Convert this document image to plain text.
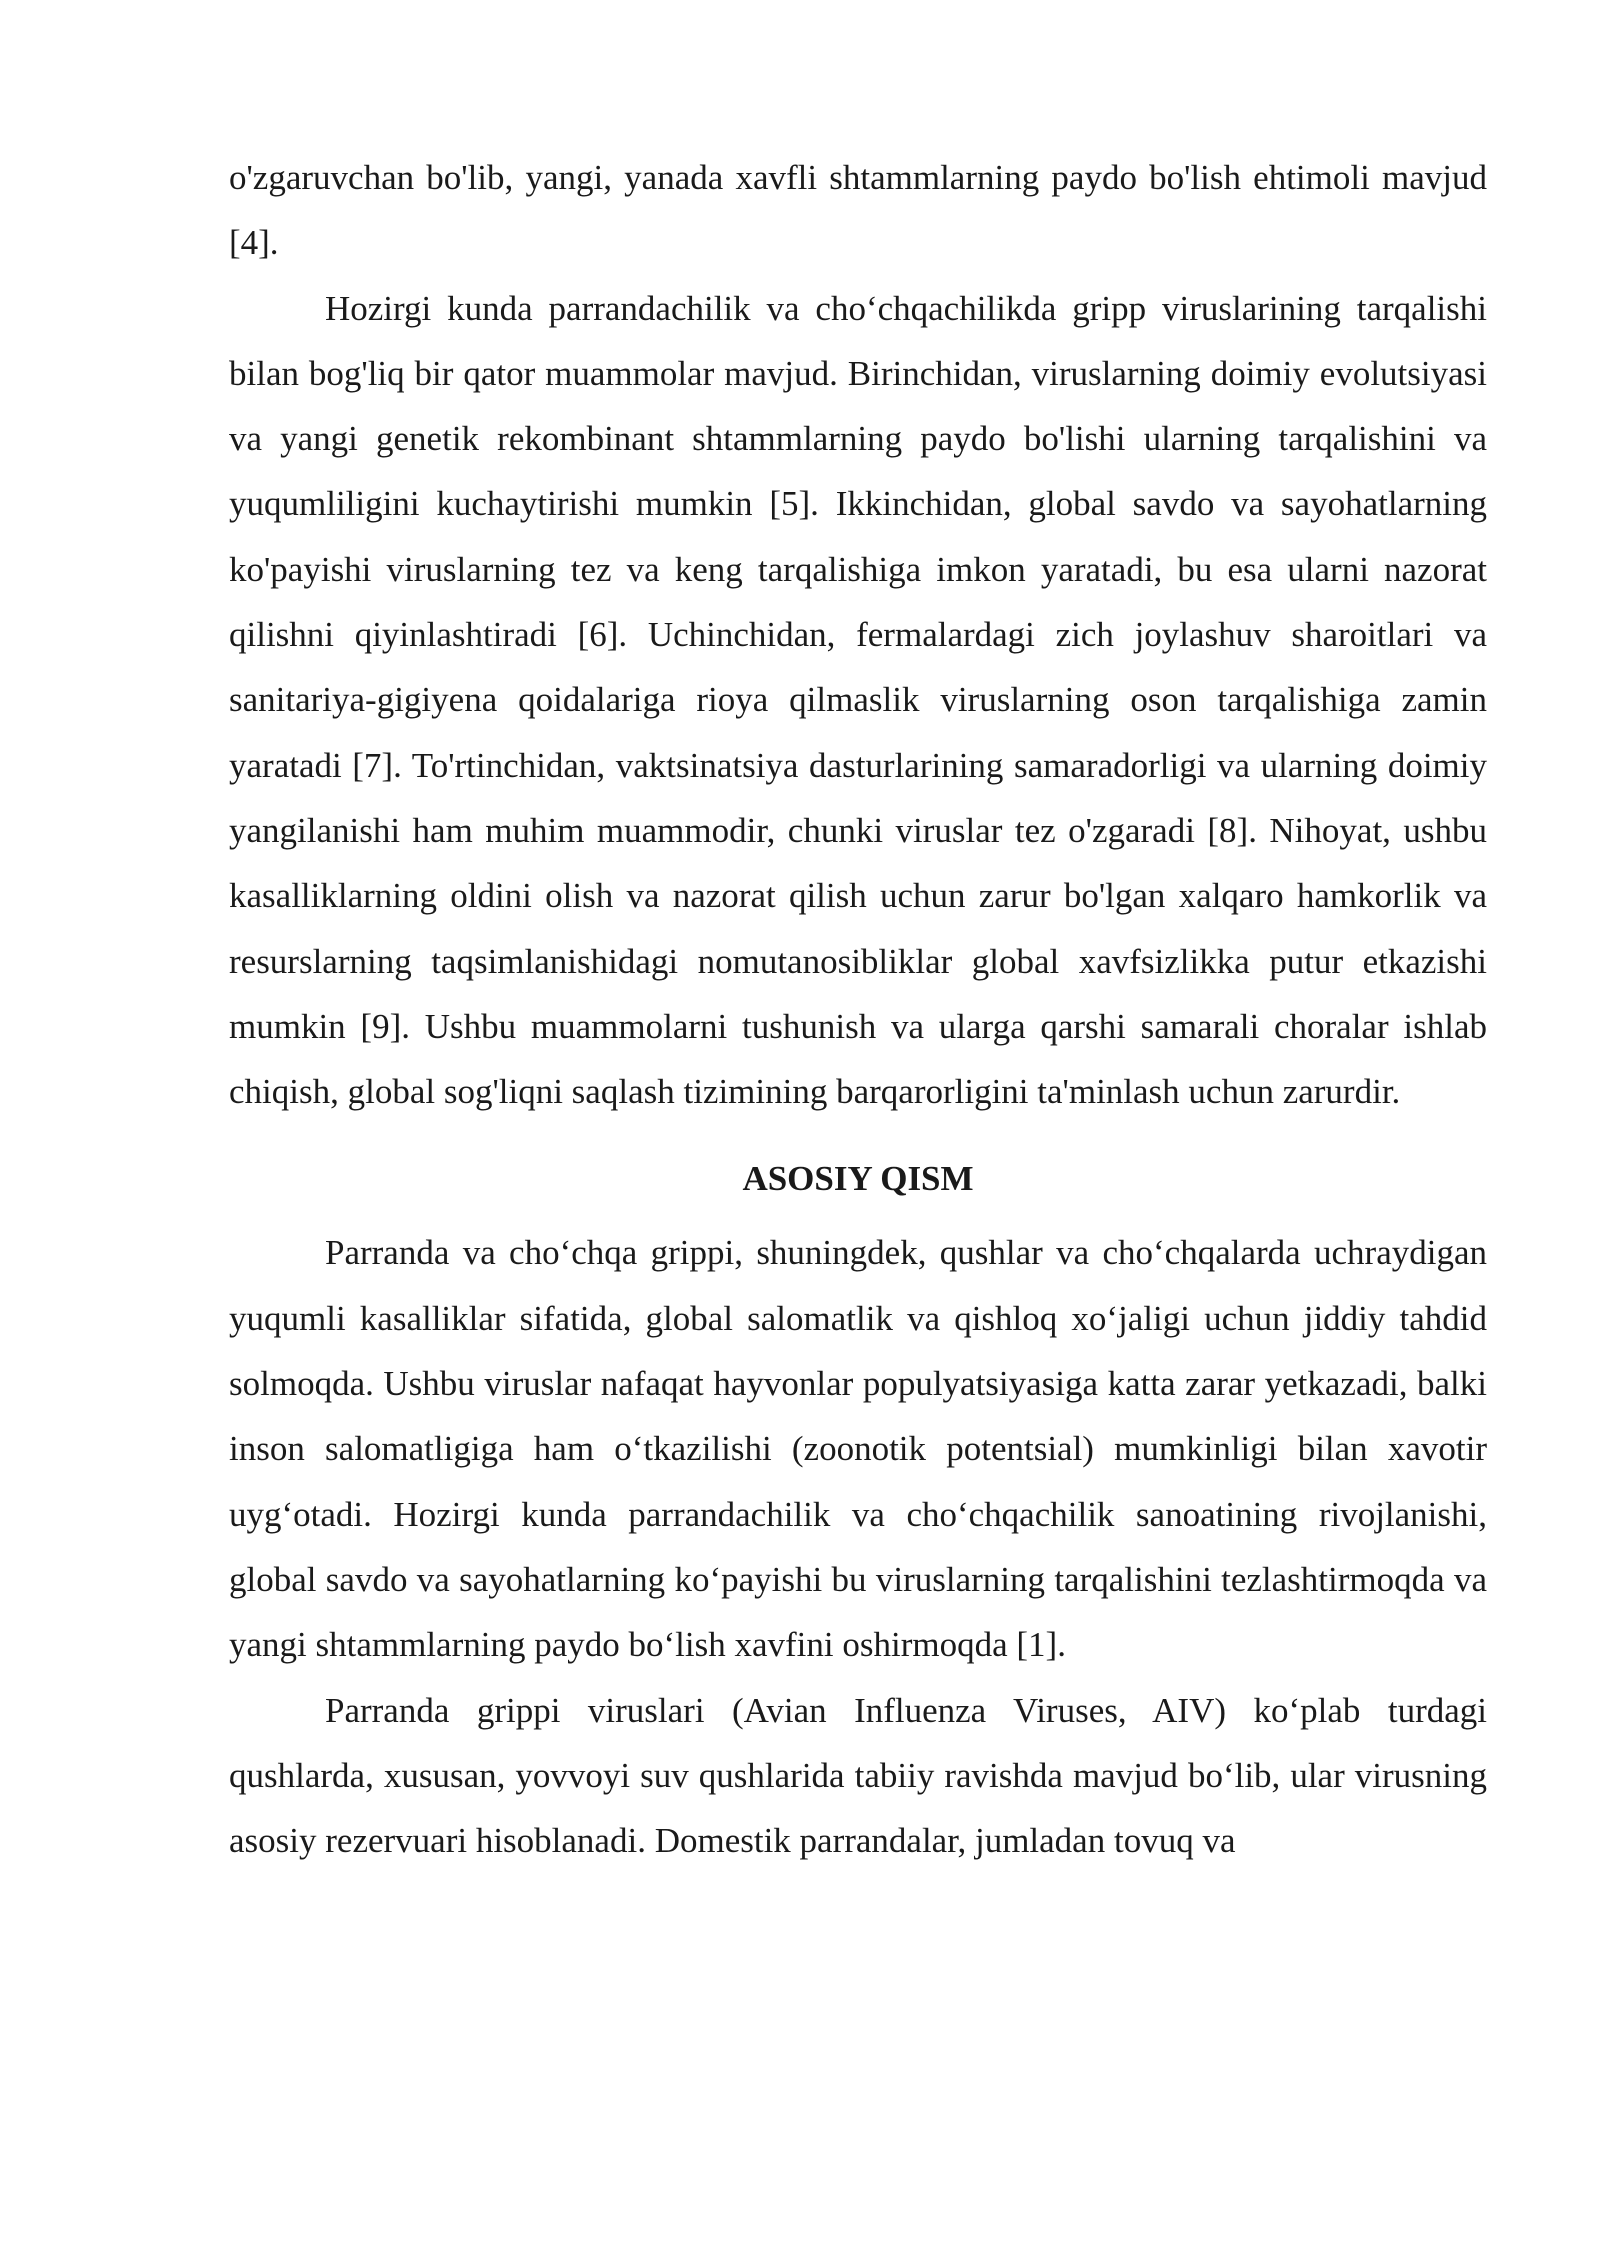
o'zgaruvchan bo'lib, yangi, yanada xavfli shtammlarning paydo bo'lish ehtimoli mavjud [4].

Hozirgi kunda parrandachilik va cho‘chqachilikda gripp viruslarining tarqalishi bilan bog'liq bir qator muammolar mavjud. Birinchidan, viruslarning doimiy evolutsiyasi va yangi genetik rekombinant shtammlarning paydo bo'lishi ularning tarqalishini va yuqumliligini kuchaytirishi mumkin [5]. Ikkinchidan, global savdo va sayohatlarning ko'payishi viruslarning tez va keng tarqalishiga imkon yaratadi, bu esa ularni nazorat qilishni qiyinlashtiradi [6]. Uchinchidan, fermalardagi zich joylashuv sharoitlari va sanitariya-gigiyena qoidalariga rioya qilmaslik viruslarning oson tarqalishiga zamin yaratadi [7]. To'rtinchidan, vaktsinatsiya dasturlarining samaradorligi va ularning doimiy yangilanishi ham muhim muammodir, chunki viruslar tez o'zgaradi [8]. Nihoyat, ushbu kasalliklarning oldini olish va nazorat qilish uchun zarur bo'lgan xalqaro hamkorlik va resurslarning taqsimlanishidagi nomutanosibliklar global xavfsizlikka putur etkazishi mumkin [9]. Ushbu muammolarni tushunish va ularga qarshi samarali choralar ishlab chiqish, global sog'liqni saqlash tizimining barqarorligini ta'minlash uchun zarurdir.

ASOSIY QISM

Parranda va cho‘chqa grippi, shuningdek, qushlar va cho‘chqalarda uchraydigan yuqumli kasalliklar sifatida, global salomatlik va qishloq xo‘jaligi uchun jiddiy tahdid solmoqda. Ushbu viruslar nafaqat hayvonlar populyatsiyasiga katta zarar yetkazadi, balki inson salomatligiga ham o‘tkazilishi (zoonotik potentsial) mumkinligi bilan xavotir uyg‘otadi. Hozirgi kunda parrandachilik va cho‘chqachilik sanoatining rivojlanishi, global savdo va sayohatlarning ko‘payishi bu viruslarning tarqalishini tezlashtirmoqda va yangi shtammlarning paydo bo‘lish xavfini oshirmoqda [1].

Parranda grippi viruslari (Avian Influenza Viruses, AIV) ko‘plab turdagi qushlarda, xususan, yovvoyi suv qushlarida tabiiy ravishda mavjud bo‘lib, ular virusning asosiy rezervuari hisoblanadi. Domestik parrandalar, jumladan tovuq va
